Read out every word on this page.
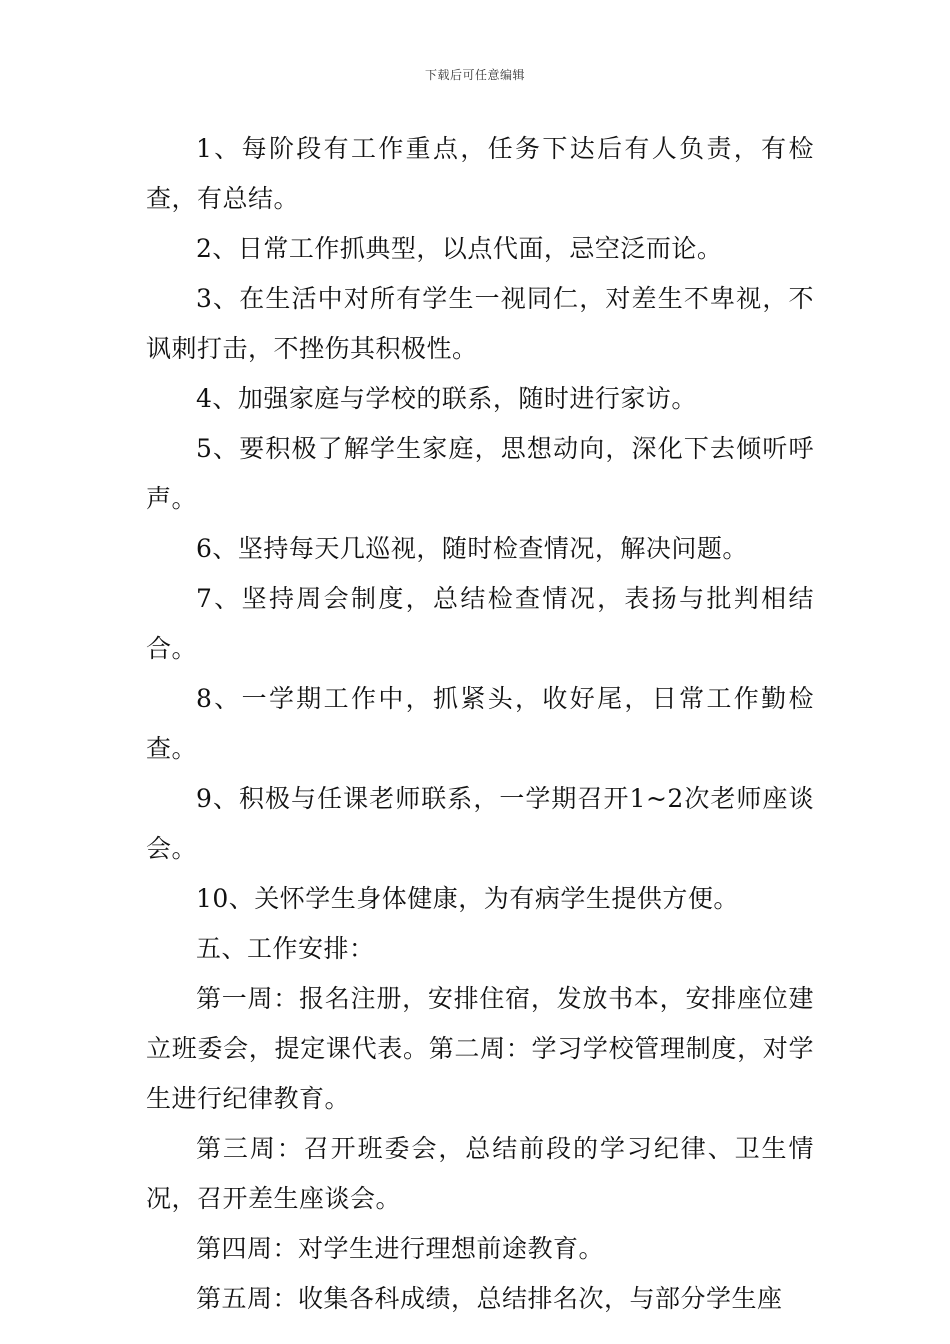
下载后可任意编辑

1、每阶段有工作重点，任务下达后有人负责，有检查，有总结。

2、日常工作抓典型，以点代面，忌空泛而论。

3、在生活中对所有学生一视同仁，对差生不卑视，不讽刺打击，不挫伤其积极性。

4、加强家庭与学校的联系，随时进行家访。

5、要积极了解学生家庭，思想动向，深化下去倾听呼声。

6、坚持每天几巡视，随时检查情况，解决问题。

7、坚持周会制度，总结检查情况，表扬与批判相结合。

8、一学期工作中，抓紧头，收好尾，日常工作勤检查。

9、积极与任课老师联系，一学期召开1~2次老师座谈会。

10、关怀学生身体健康，为有病学生提供方便。

五、工作安排：

第一周：报名注册，安排住宿，发放书本，安排座位建立班委会，提定课代表。第二周：学习学校管理制度，对学生进行纪律教育。

第三周：召开班委会，总结前段的学习纪律、卫生情况，召开差生座谈会。

第四周：对学生进行理想前途教育。

第五周：收集各科成绩，总结排名次，与部分学生座
